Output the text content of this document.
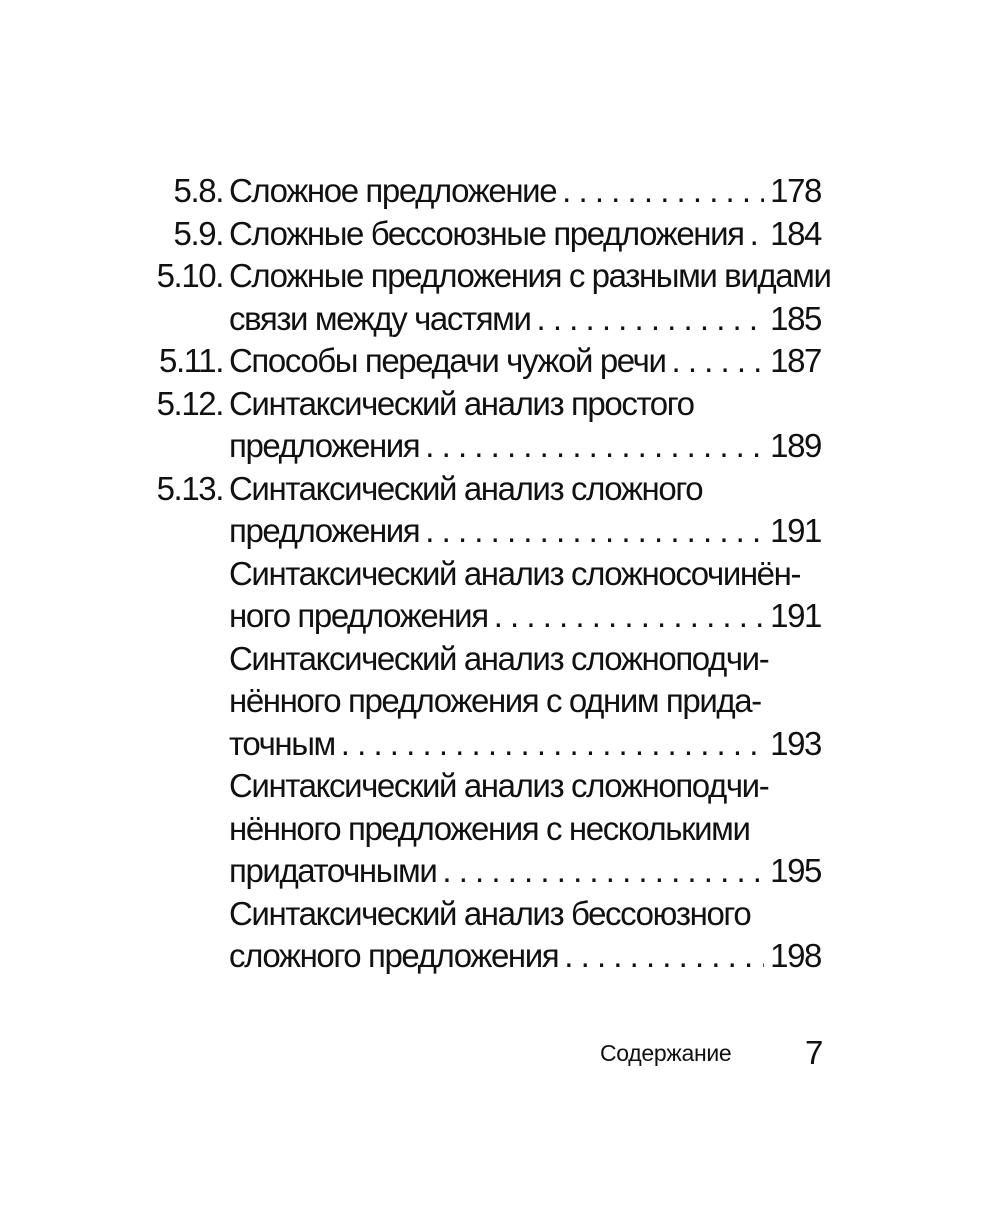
5.8. Сложное предложение . . .	178
5.9. Сложные бессоюзные предложения . . . 184
5.10. Сложные предложения с разными видами
связи между частями . . .	185
5.11. Способы передачи чужой речи . . .	187
5.12. Синтаксический анализ простого
предложения . . .	189
5.13. Синтаксический анализ сложного
предложения . . .	191
Синтаксический анализ сложносочинён-
ного предложения . . .	191
Синтаксический анализ сложноподчи-
нённого предложения с одним прида-
точным . . .	193
Синтаксический анализ сложноподчи-
нённого предложения с несколькими
придаточными . . .	195
Синтаксический анализ бессоюзного
сложного предложения . . .	198
Содержание 7
